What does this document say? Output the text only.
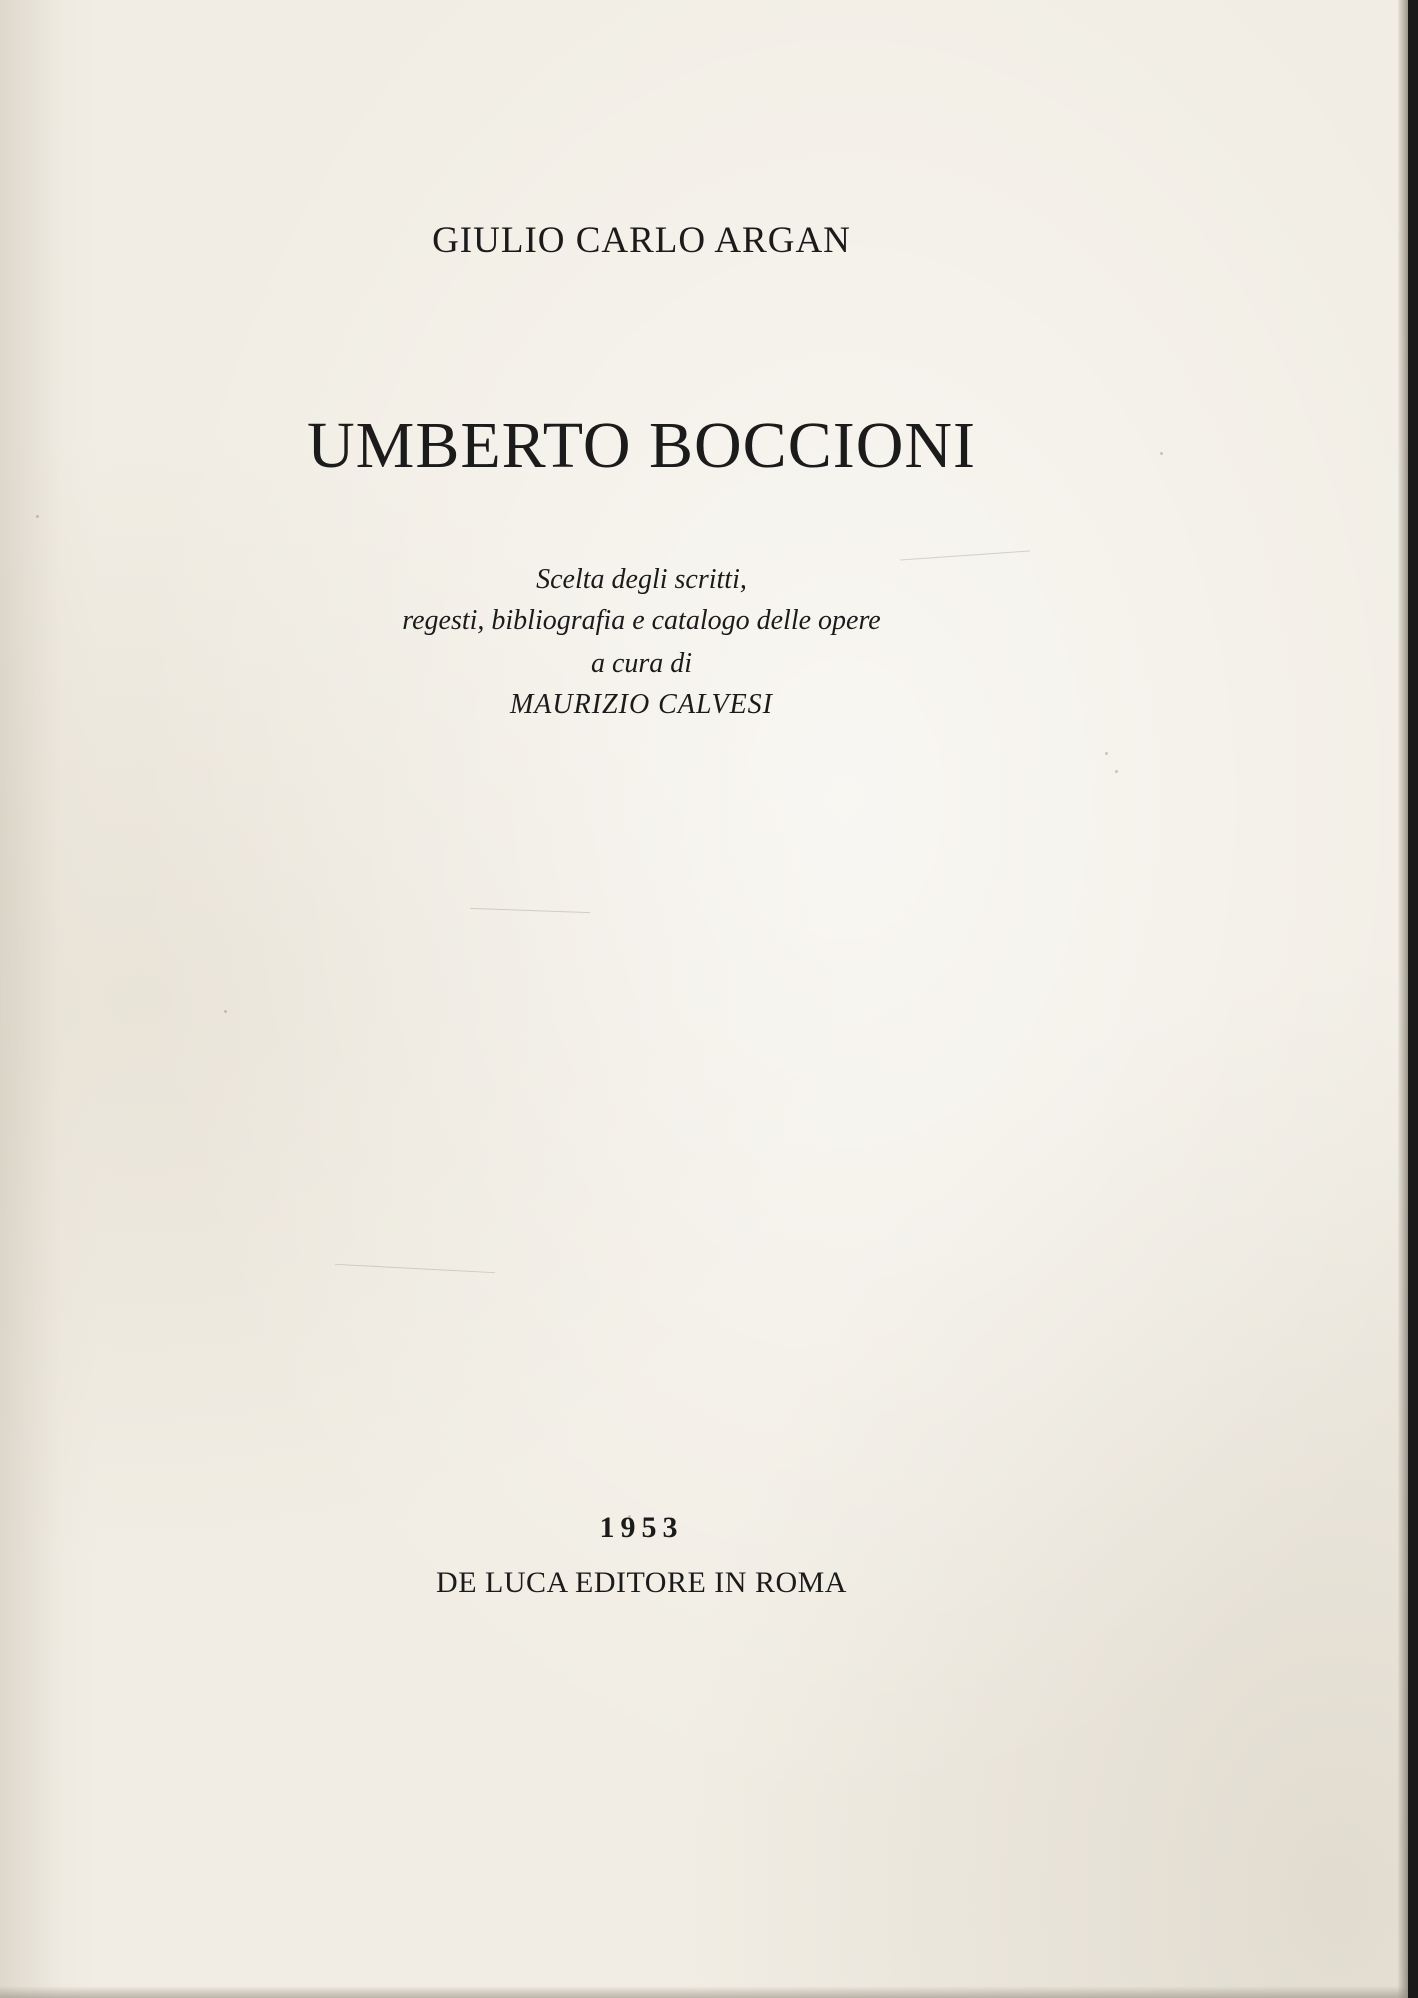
GIULIO CARLO ARGAN
UMBERTO BOCCIONI
Scelta degli scritti,
regesti, bibliografia e catalogo delle opere
a cura di
MAURIZIO CALVESI
1953
DE LUCA EDITORE IN ROMA
